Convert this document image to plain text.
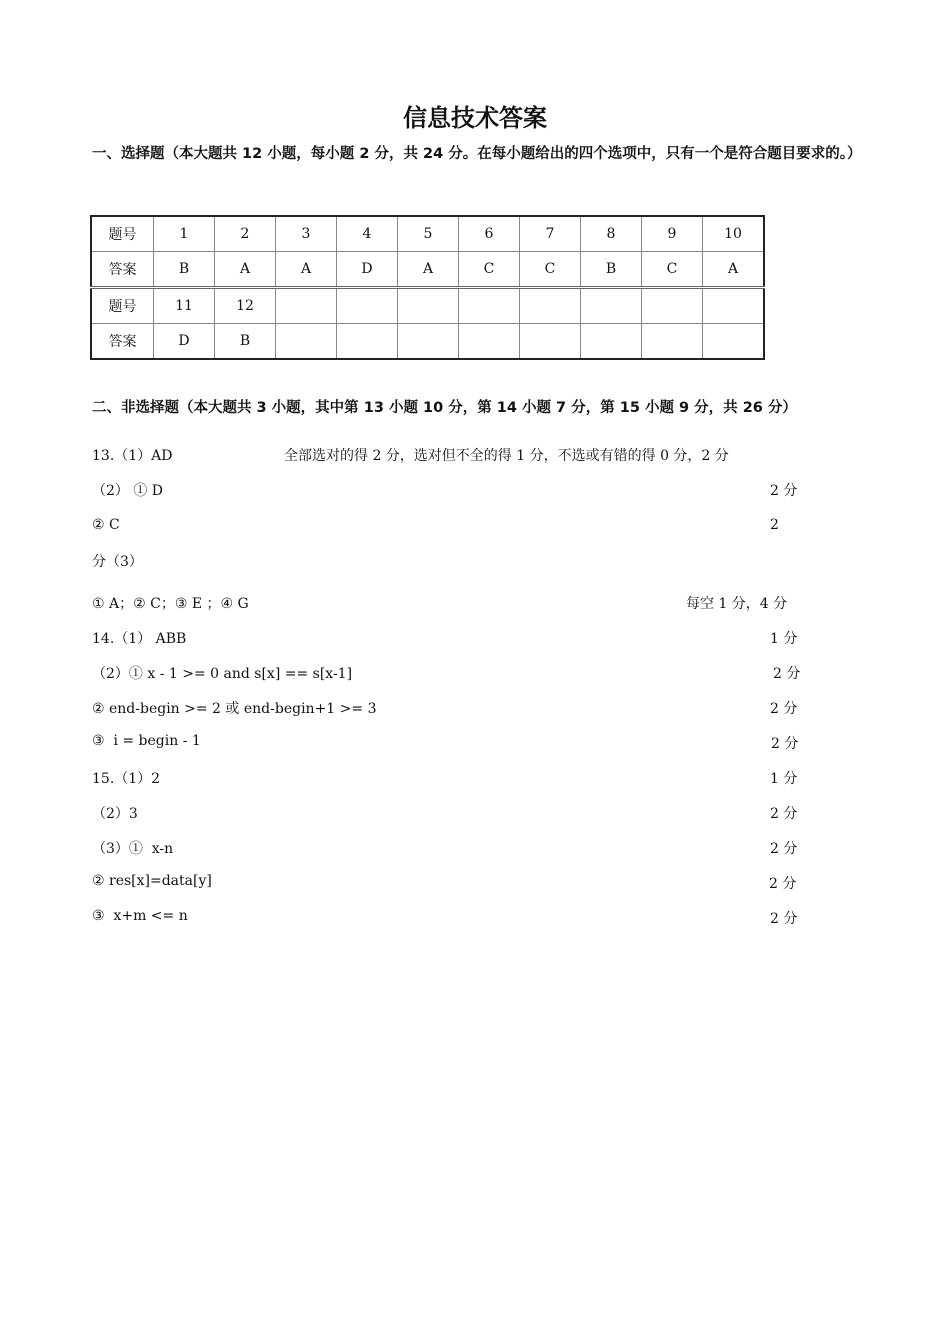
信息技术答案
一、选择题（本大题共 12 小题，每小题 2 分，共 24 分。在每小题给出的四个选项中，只有一个是符合题目要求的。）
题号	1	2	3	4	5	6	7	8	9	10
答案	B	A	A	D	A	C	C	B	C	A
题号	11	12								
答案	D	B								
二、非选择题（本大题共 3 小题，其中第 13 小题 10 分，第 14 小题 7 分，第 15 小题 9 分，共 26 分）
13.（1）AD	全部选对的得 2 分，选对但不全的得 1 分，不选或有错的得 0 分，2 分
（2） ① D	2 分
② C	2
分（3）
① A；② C；③ E ；④ G	每空 1 分，4 分
14.（1） ABB	1 分
（2）① x - 1 >= 0 and s[x] == s[x-1]	2 分
② end-begin >= 2 或 end-begin+1 >= 3	2 分
③  i = begin - 1	2 分
15.（1）2	1 分
（2）3	2 分
（3）①  x-n	2 分
② res[x]=data[y]	2 分
③  x+m <= n	2 分
